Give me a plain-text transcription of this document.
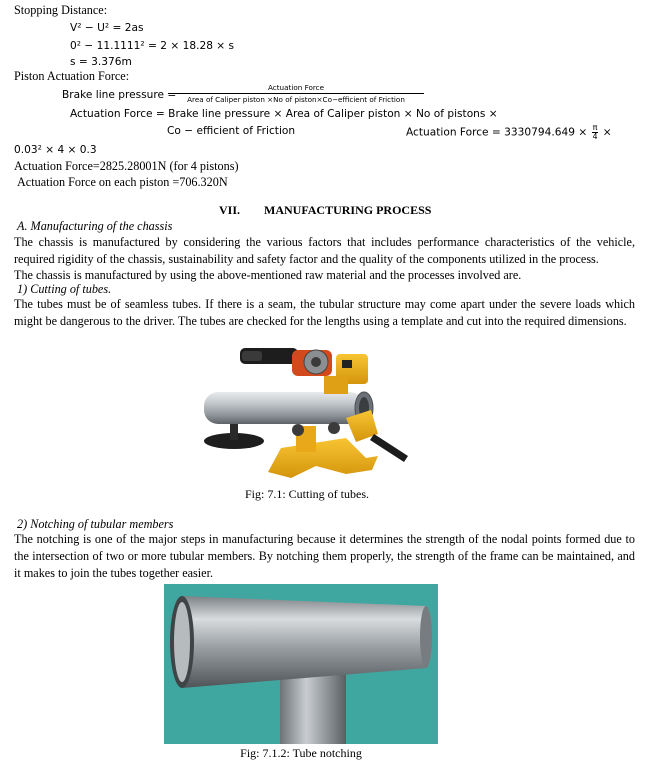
Stopping Distance:
V² − U² = 2as
0² − 11.1111² = 2 × 18.28 × s
s = 3.376m
Piston Actuation Force:
Brake line pressure =
Actuation Force
Area of Caliper piston ×No of piston×Co−efficient of Friction
Actuation Force = Brake line pressure × Area of Caliper piston × No of pistons ×
Co − efficient of Friction	Actuation Force = $3330794.649 \times \frac{\pi}{4}$ ×
0.03² × 4 × 0.3
Actuation Force=2825.28001N (for 4 pistons)
Actuation Force on each piston =706.320N
VII. MANUFACTURING PROCESS
A. Manufacturing of the chassis
The chassis is manufactured by considering the various factors that includes performance characteristics of the vehicle, required rigidity of the chassis, sustainability and safety factor and the quality of the components utilized in the process.
The chassis is manufactured by using the above-mentioned raw material and the processes involved are.
1) Cutting of tubes.
The tubes must be of seamless tubes. If there is a seam, the tubular structure may come apart under the severe loads which might be dangerous to the driver. The tubes are checked for the lengths using a template and cut into the required dimensions.
Fig: 7.1: Cutting of tubes.
2) Notching of tubular members
The notching is one of the major steps in manufacturing because it determines the strength of the nodal points formed due to the intersection of two or more tubular members. By notching them properly, the strength of the frame can be maintained, and it makes to join the tubes together easier.
Fig: 7.1.2: Tube notching
